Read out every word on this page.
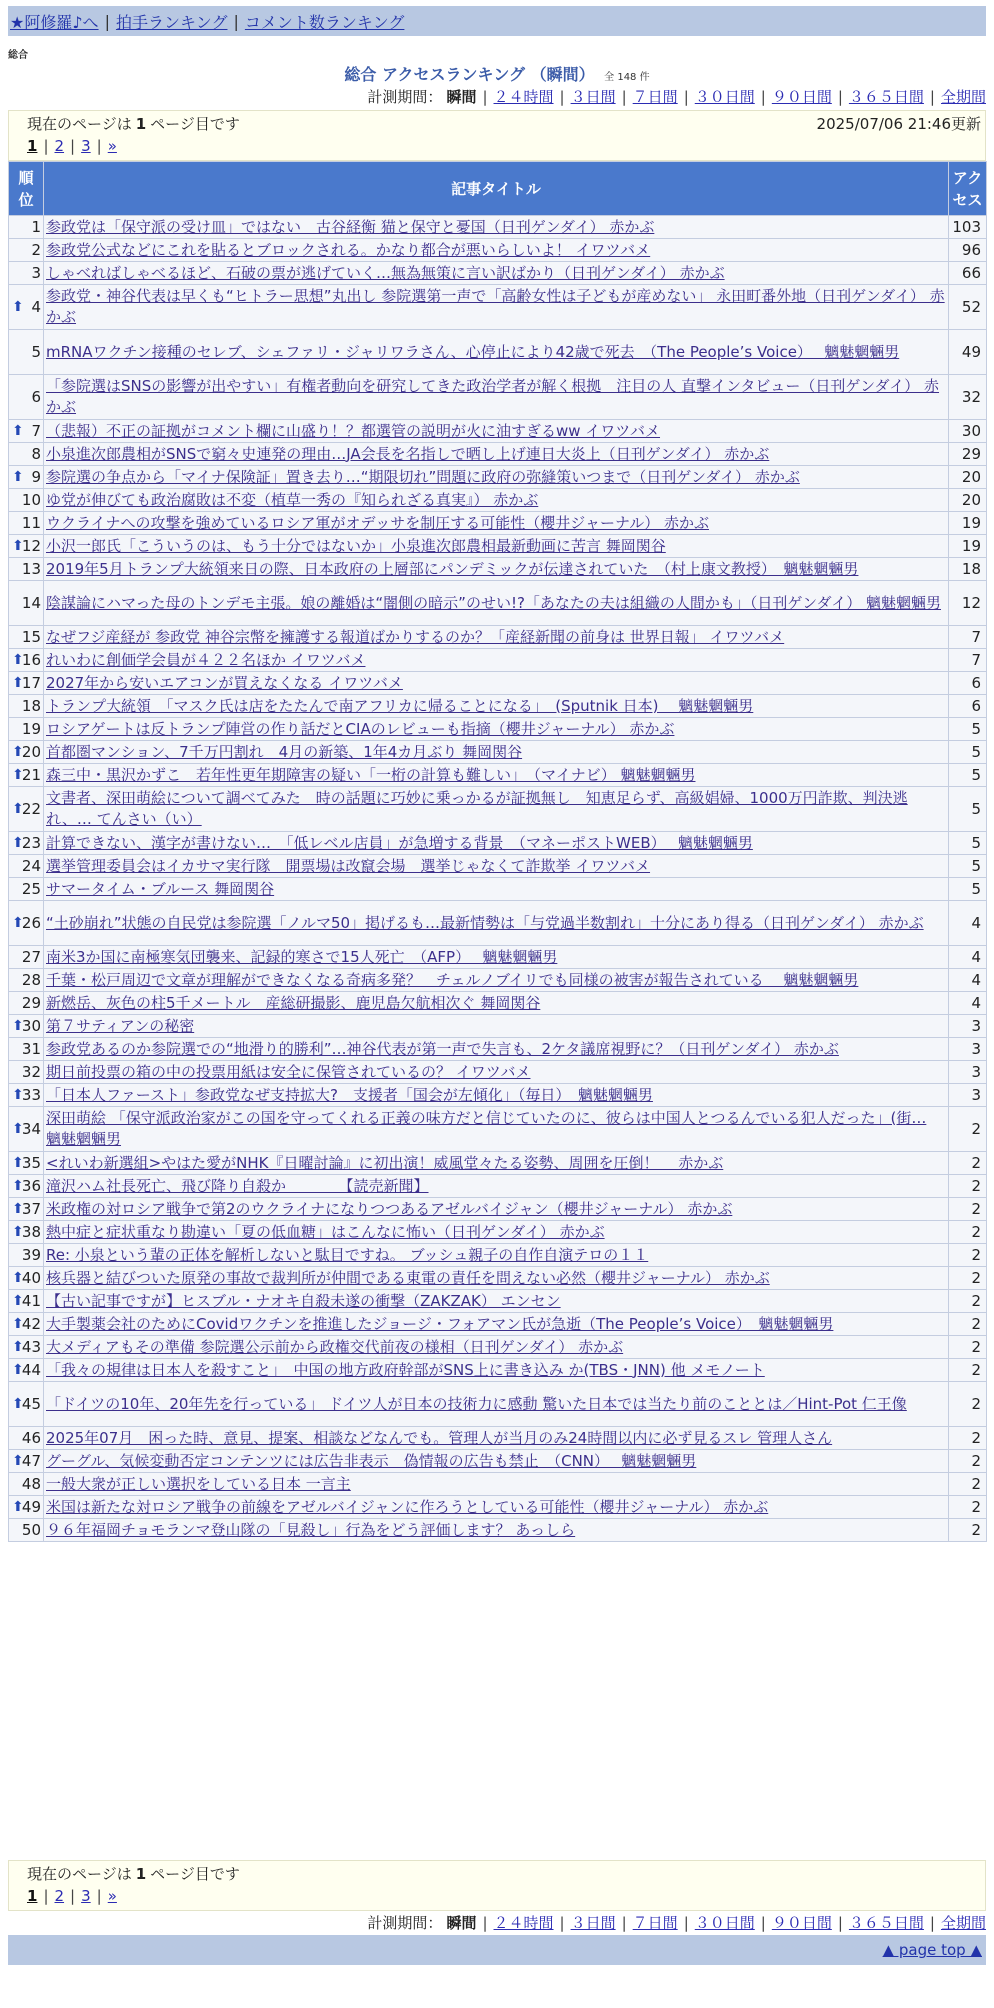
★阿修羅♪へ | 拍手ランキング | コメント数ランキング
総合
総合 アクセスランキング （瞬間） 全 148 件
計測期間： 瞬間 | ２４時間 | ３日間 | ７日間 | ３０日間 | ９０日間 | ３６５日間 | 全期間
現在のページは 1 ページ目です	2025/07/06 21:46更新
1 | 2 | 3 | »
順
位	記事タイトル	アク
セス

1	参政党は「保守派の受け皿」ではない　古谷経衡 猫と保守と憂国（日刊ゲンダイ） 赤かぶ	103
2	参政党公式などにこれを貼るとブロックされる。かなり都合が悪いらしいよ！ イワツバメ	96
3	しゃべればしゃべるほど、石破の票が逃げていく…無為無策に言い訳ばかり（日刊ゲンダイ） 赤かぶ	66

⬆ 4	参政党・神谷代表は早くも“ヒトラー思想”丸出し 参院選第一声で「高齢女性は子どもが産めない」 永田町番外地（日刊ゲンダイ） 赤かぶ	52
5	mRNAワクチン接種のセレブ、シェファリ・ジャリワラさん、心停止により42歳で死去　（The People’s Voice）　 魑魅魍魎男	49
6	「参院選はSNSの影響が出やすい」有権者動向を研究してきた政治学者が解く根拠　注目の人 直撃インタビュー（日刊ゲンダイ） 赤かぶ	32

⬆ 7	（悲報）不正の証拠がコメント欄に山盛り！？都選管の説明が火に油すぎるww イワツバメ	30
8	小泉進次郎農相がSNSで窮々史連発の理由…JA会長を名指しで晒し上げ連日大炎上（日刊ゲンダイ） 赤かぶ	29

⬆ 9	参院選の争点から「マイナ保険証」置き去り…“期限切れ”問題に政府の弥縫策いつまで（日刊ゲンダイ） 赤かぶ	20
10	ゆ党が伸びても政治腐敗は不変（植草一秀の『知られざる真実』） 赤かぶ	20
11	ウクライナへの攻撃を強めているロシア軍がオデッサを制圧する可能性（櫻井ジャーナル） 赤かぶ	19

⬆
12	小沢一郎氏「こういうのは、もう十分ではないか」小泉進次郎農相最新動画に苦言 舞岡関谷	19
13	2019年5月トランプ大統領来日の際、日本政府の上層部にパンデミックが伝達されていた　（村上康文教授）　魑魅魍魎男	18
14	陰謀論にハマった母のトンデモ主張。娘の離婚は“闇側の暗示”のせい!?「あなたの夫は組織の人間かも」（日刊ゲンダイ） 魑魅魍魎男	12
15	なぜフジ産経が 参政党 神谷宗幣を擁護する報道ばかりするのか？「産経新聞の前身は 世界日報」 イワツバメ	7

⬆
16	れいわに創価学会員が４２２名ほか イワツバメ	7

⬆
17	2027年から安いエアコンが買えなくなる イワツバメ	6
18	トランプ大統領　「マスク氏は店をたたんで南アフリカに帰ることになる」　(Sputnik 日本)　 魑魅魍魎男	6
19	ロシアゲートは反トランプ陣営の作り話だとCIAのレビューも指摘（櫻井ジャーナル） 赤かぶ	5

⬆
20	首都圏マンション、7千万円割れ　4月の新築、1年4カ月ぶり 舞岡関谷	5

⬆
21	森三中・黒沢かずこ　若年性更年期障害の疑い「一桁の計算も難しい」　（マイナビ） 魑魅魍魎男	5

⬆
22	文書者、深田萌絵について調べてみた　時の話題に巧妙に乗っかるが証拠無し　知恵足らず、高級娼婦、1000万円詐欺、判決逃れ、… てんさい（い）	5

⬆
23	計算できない、漢字が書けない…　「低レベル店員」が急増する背景　（マネーポストWEB）　 魑魅魍魎男	5
24	選挙管理委員会はイカサマ実行隊　開票場は改竄会場　選挙じゃなくて詐欺挙 イワツバメ	5
25	サマータイム・ブルース 舞岡関谷	5

⬆
26	“土砂崩れ”状態の自民党は参院選「ノルマ50」掲げるも…最新情勢は「与党過半数割れ」十分にあり得る（日刊ゲンダイ） 赤かぶ	4
27	南米3か国に南極寒気団襲来、記録的寒さで15人死亡　（AFP）　 魑魅魍魎男	4
28	千葉・松戸周辺で文章が理解ができなくなる奇病多発？　チェルノブイリでも同様の被害が報告されている　 魑魅魍魎男	4
29	新燃岳、灰色の柱5千メートル　産総研撮影、鹿児島欠航相次ぐ 舞岡関谷	4

⬆
30	第７サティアンの秘密	3
31	参政党あるのか参院選での“地滑り的勝利”…神谷代表が第一声で失言も、2ケタ議席視野に？（日刊ゲンダイ） 赤かぶ	3
32	期日前投票の箱の中の投票用紙は安全に保管されているの？ イワツバメ	3

⬆
33	「日本人ファースト」参政党なぜ支持拡大?　支援者「国会が左傾化」（毎日）　魑魅魍魎男	3

⬆
34	深田萌絵 「保守派政治家がこの国を守ってくれる正義の味方だと信じていたのに、彼らは中国人とつるんでいる犯人だった」(街… 魑魅魍魎男	2

⬆
35	<れいわ新選組>やはた愛がNHK『日曜討論』に初出演！威風堂々たる姿勢、周囲を圧倒！　 赤かぶ	2

⬆
36	滝沢ハム社長死亡、飛び降り自殺か　　　　【読売新聞】	2

⬆
37	米政権の対ロシア戦争で第2のウクライナになりつつあるアゼルバイジャン（櫻井ジャーナル） 赤かぶ	2

⬆
38	熱中症と症状重なり勘違い「夏の低血糖」はこんなに怖い（日刊ゲンダイ） 赤かぶ	2
39	Re: 小泉という輩の正体を解析しないと駄目ですね。 ブッシュ親子の自作自演テロの１１	2

⬆
40	核兵器と結びついた原発の事故で裁判所が仲間である東電の責任を問えない必然（櫻井ジャーナル） 赤かぶ	2

⬆
41	【古い記事ですが】ヒスブル・ナオキ自殺未遂の衝撃（ZAKZAK） エンセン	2

⬆
42	大手製薬会社のためにCovidワクチンを推進したジョージ・フォアマン氏が急逝（The People’s Voice）　魑魅魍魎男	2

⬆
43	大メディアもその準備 参院選公示前から政権交代前夜の様相（日刊ゲンダイ） 赤かぶ	2

⬆
44	「我々の規律は日本人を殺すこと」　中国の地方政府幹部がSNS上に書き込み か(TBS・JNN) 他 メモノート	2

⬆
45	「ドイツの10年、20年先を行っている」 ドイツ人が日本の技術力に感動 驚いた日本では当たり前のこととは／Hint-Pot 仁王像	2
46	2025年07月　困った時、意見、提案、相談などなんでも。管理人が当月のみ24時間以内に必ず見るスレ 管理人さん	2

⬆
47	グーグル、気候変動否定コンテンツには広告非表示　偽情報の広告も禁止　（CNN）　 魑魅魍魎男	2
48	一般大衆が正しい選択をしている日本 一言主	2

⬆
49	米国は新たな対ロシア戦争の前線をアゼルバイジャンに作ろうとしている可能性（櫻井ジャーナル） 赤かぶ	2
50	９６年福岡チョモランマ登山隊の「見殺し」行為をどう評価します？ あっしら	2
現在のページは 1 ページ目です
1 | 2 | 3 | »
計測期間： 瞬間 | ２４時間 | ３日間 | ７日間 | ３０日間 | ９０日間 | ３６５日間 | 全期間
▲ page top ▲
